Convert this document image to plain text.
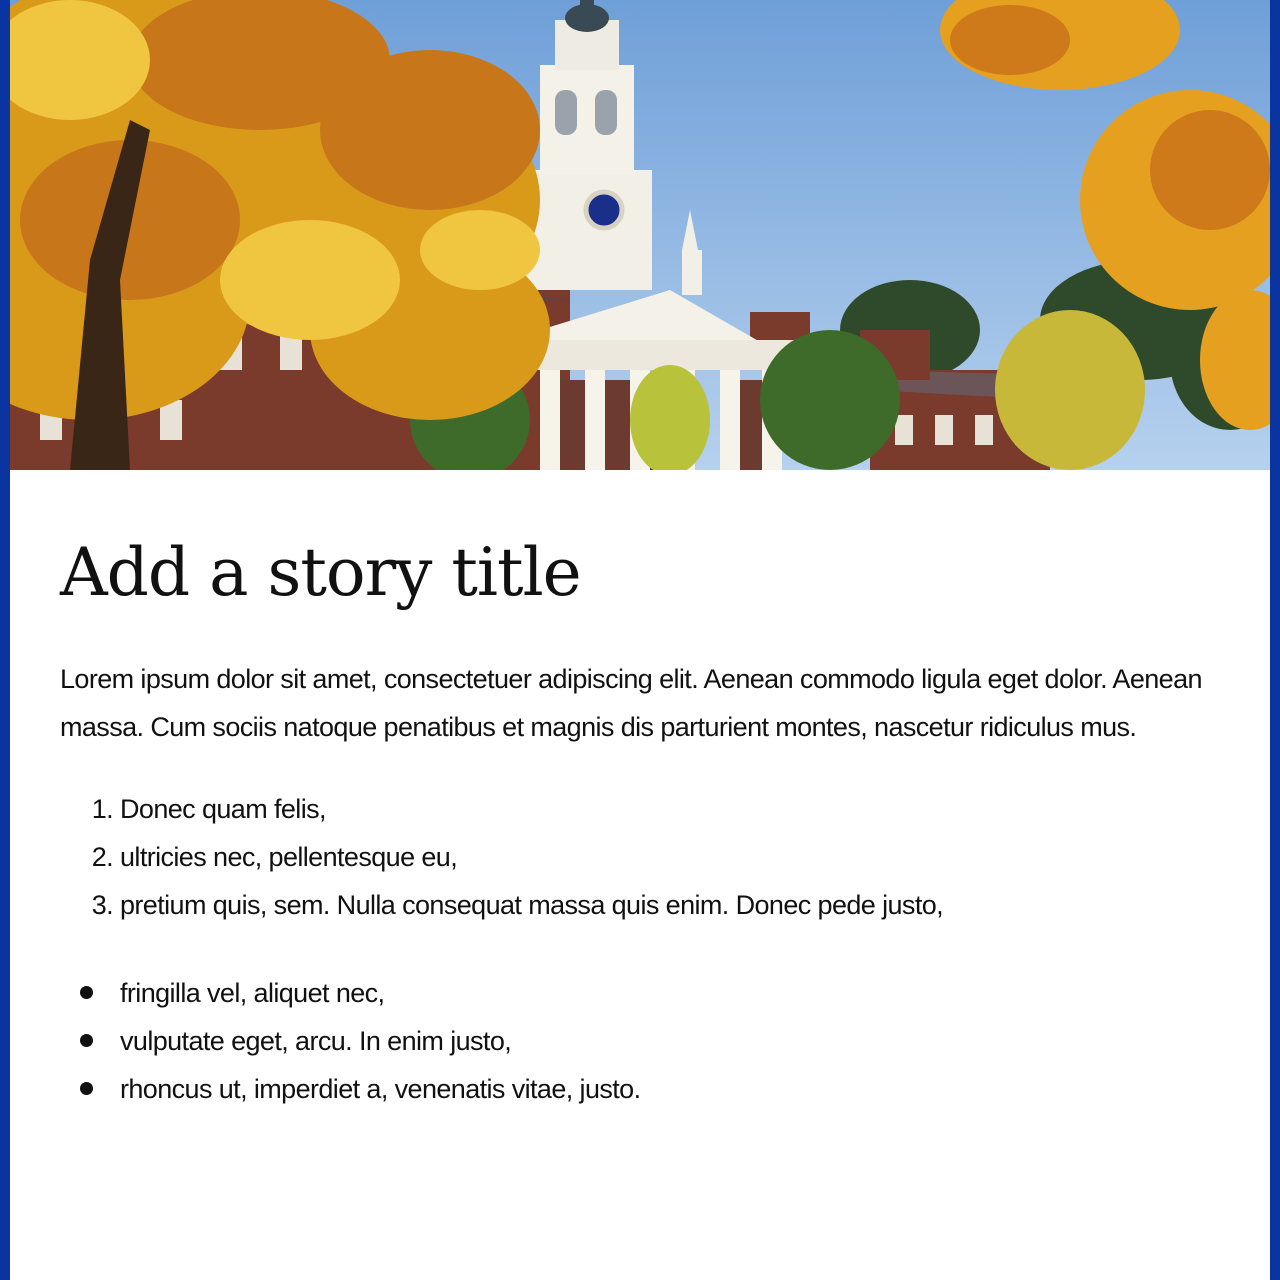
Add a story title

Lorem ipsum dolor sit amet, consectetuer adipiscing elit. Aenean commodo ligula eget dolor. Aenean massa. Cum sociis natoque penatibus et magnis dis parturient montes, nascetur ridiculus mus.

1. Donec quam felis,
2. ultricies nec, pellentesque eu,
3. pretium quis, sem. Nulla consequat massa quis enim. Donec pede justo,
fringilla vel, aliquet nec,
vulputate eget, arcu. In enim justo,
rhoncus ut, imperdiet a, venenatis vitae, justo.
